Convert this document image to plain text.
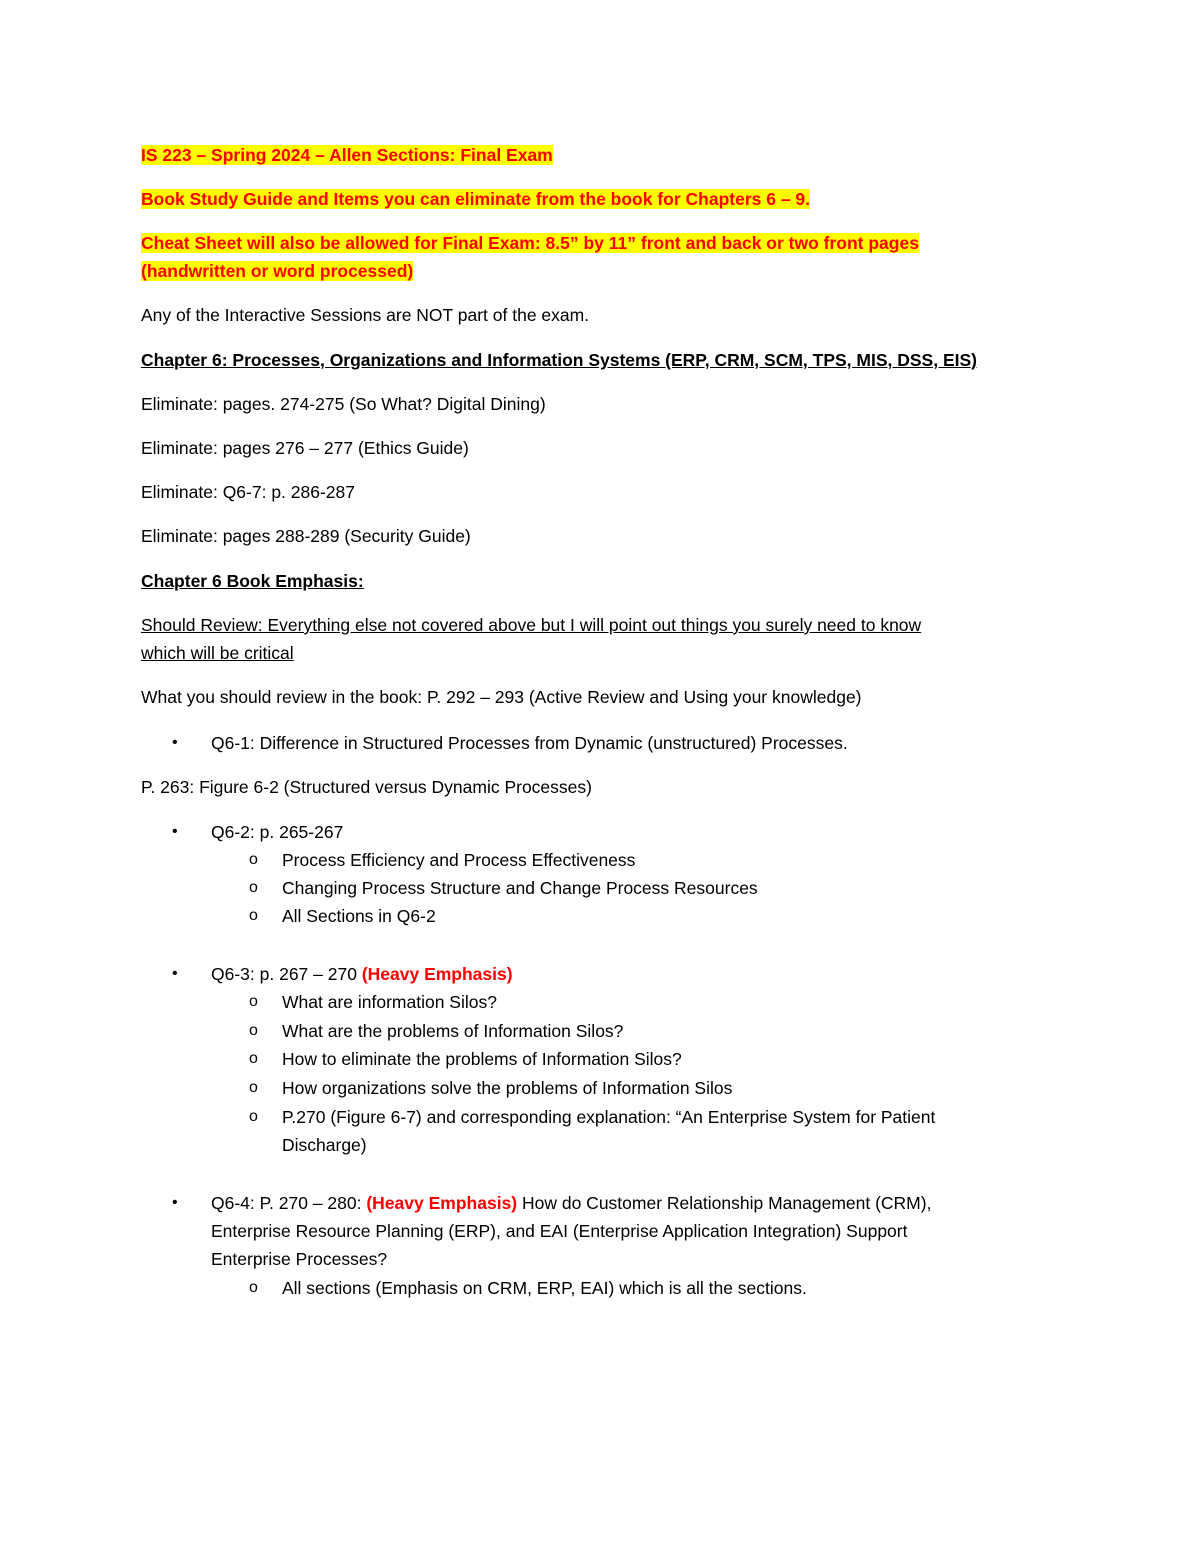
IS 223 – Spring 2024 – Allen Sections: Final Exam
Book Study Guide and Items you can eliminate from the book for Chapters 6 – 9.
Cheat Sheet will also be allowed for Final Exam: 8.5” by 11” front and back or two front pages
(handwritten or word processed)
Any of the Interactive Sessions are NOT part of the exam.
Chapter 6: Processes, Organizations and Information Systems (ERP, CRM, SCM, TPS, MIS, DSS, EIS)
Eliminate: pages. 274-275 (So What? Digital Dining)
Eliminate: pages 276 – 277 (Ethics Guide)
Eliminate: Q6-7: p. 286-287
Eliminate: pages 288-289 (Security Guide)
Chapter 6 Book Emphasis:
Should Review: Everything else not covered above but I will point out things you surely need to know
which will be critical
What you should review in the book: P. 292 – 293 (Active Review and Using your knowledge)
• Q6-1: Difference in Structured Processes from Dynamic (unstructured) Processes.
P. 263: Figure 6-2 (Structured versus Dynamic Processes)
• Q6-2: p. 265-267
o Process Efficiency and Process Effectiveness
o Changing Process Structure and Change Process Resources
o All Sections in Q6-2
• Q6-3: p. 267 – 270 (Heavy Emphasis)
o What are information Silos?
o What are the problems of Information Silos?
o How to eliminate the problems of Information Silos?
o How organizations solve the problems of Information Silos
o P.270 (Figure 6-7) and corresponding explanation: “An Enterprise System for Patient
Discharge)
• Q6-4: P. 270 – 280: (Heavy Emphasis) How do Customer Relationship Management (CRM),
Enterprise Resource Planning (ERP), and EAI (Enterprise Application Integration) Support
Enterprise Processes?
o All sections (Emphasis on CRM, ERP, EAI) which is all the sections.
